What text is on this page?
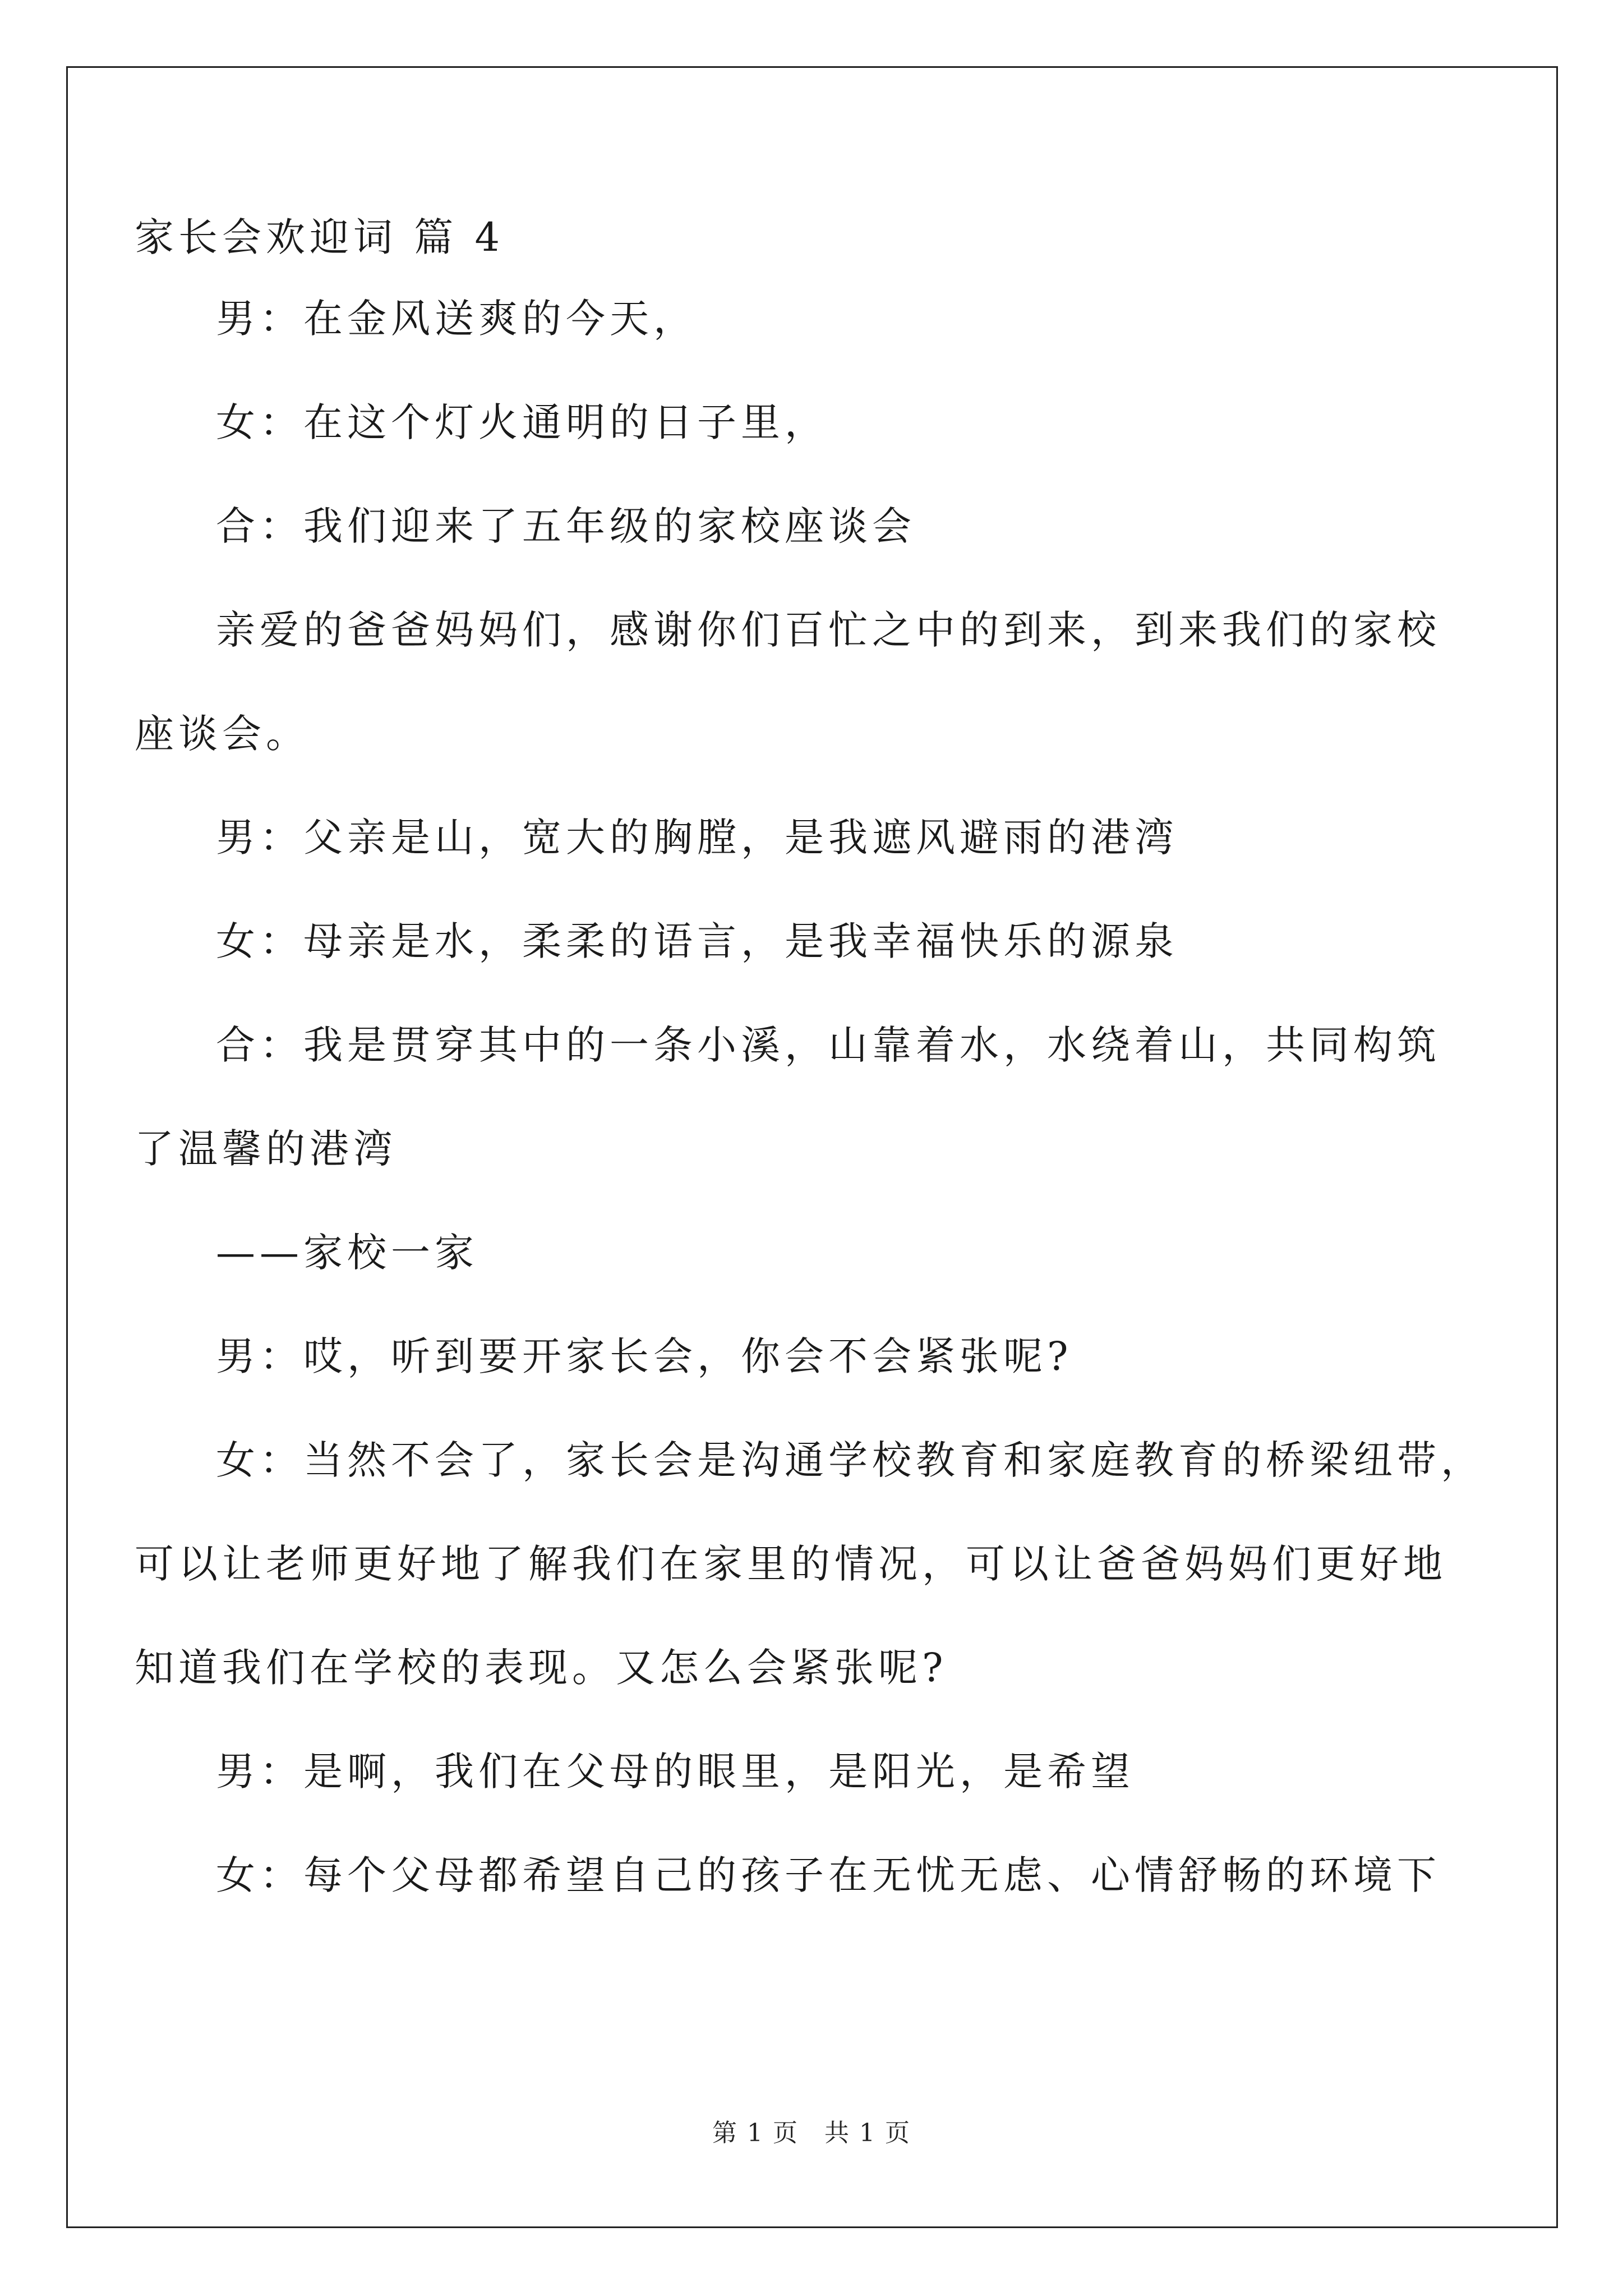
家长会欢迎词 篇 4
男：在金风送爽的今天，
女：在这个灯火通明的日子里，
合：我们迎来了五年级的家校座谈会
亲爱的爸爸妈妈们，感谢你们百忙之中的到来，到来我们的家校
座谈会。
男：父亲是山，宽大的胸膛，是我遮风避雨的港湾
女：母亲是水，柔柔的语言，是我幸福快乐的源泉
合：我是贯穿其中的一条小溪，山靠着水，水绕着山，共同构筑
了温馨的港湾
——家校一家
男：哎，听到要开家长会，你会不会紧张呢?
女：当然不会了，家长会是沟通学校教育和家庭教育的桥梁纽带，
可以让老师更好地了解我们在家里的情况，可以让爸爸妈妈们更好地
知道我们在学校的表现。又怎么会紧张呢?
男：是啊，我们在父母的眼里，是阳光，是希望
女：每个父母都希望自己的孩子在无忧无虑、心情舒畅的环境下
第 1 页　共 1 页
